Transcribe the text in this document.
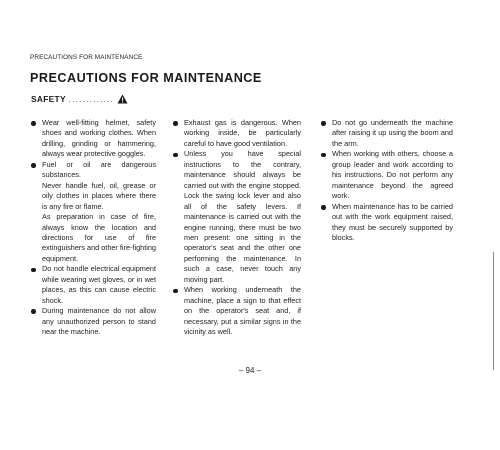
PRECAUTIONS FOR MAINTENANCE
PRECAUTIONS FOR MAINTENANCE
SAFETY .............
Wear well-fitting helmet, safety shoes and working clothes. When drilling, grinding or hammering, always wear protective goggles.
Fuel or oil are dangerous substances.
Never handle fuel, oil, grease or oily clothes in places where there is any fire or flame.
As preparation in case of fire, always know the location and directions for use of fire extinguishers and other fire-fighting equipment.
Do not handle electrical equipment while wearing wet gloves, or in wet places, as this can cause electric shock.
During maintenance do not allow any unauthorized person to stand near the machine.
Exhaust gas is dangerous. When working inside, be particularly careful to have good ventilation.
Unless you have special instructions to the contrary, maintenance should always be carried out with the engine stopped. Lock the swing lock lever and also all of the safety levers. If maintenance is carried out with the engine running, there must be two men present: one sitting in the operator's seat and the other one performing the maintenance. In such a case, never touch any moving part.
When working underneath the machine, place a sign to that effect on the operator's seat and, if necessary, put a similar signs in the vicinity as well.
Do not go underneath the machine after raising it up using the boom and the arm.
When working with others, choose a group leader and work according to his instructions. Do not perform any maintenance beyond the agreed work.
When maintenance has to be carried out with the work equipment raised, they must be securely supported by blocks.
– 94 –
